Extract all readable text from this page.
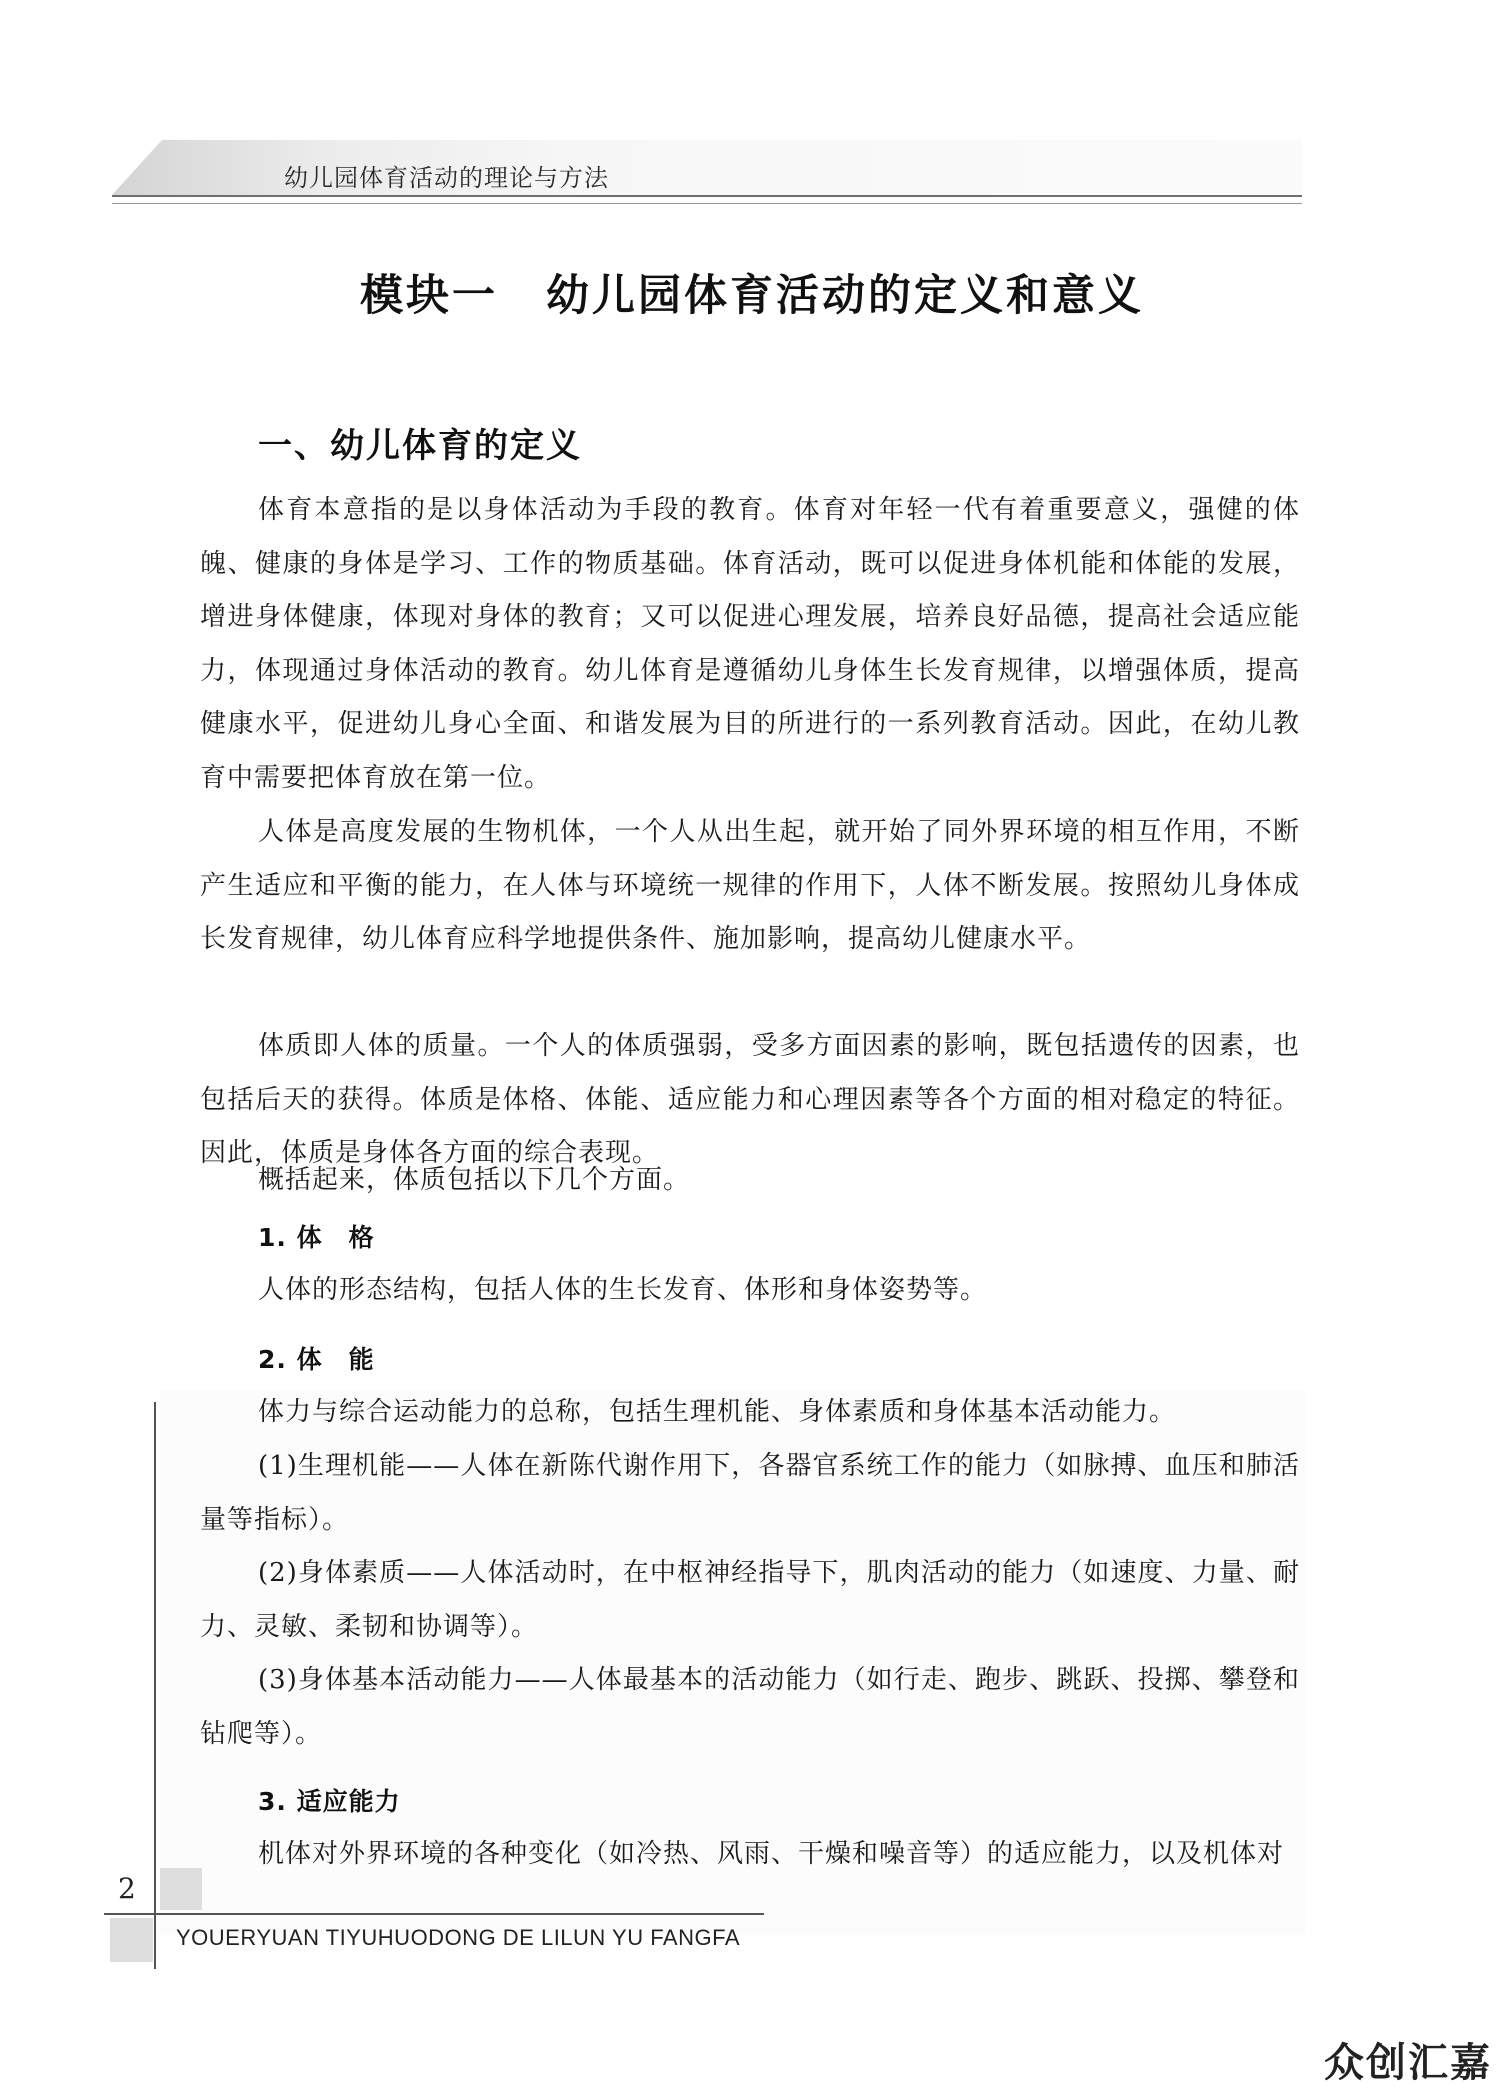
幼儿园体育活动的理论与方法
模块一 幼儿园体育活动的定义和意义
一、幼儿体育的定义

体育本意指的是以身体活动为手段的教育。体育对年轻一代有着重要意义，强健的体魄、健康的身体是学习、工作的物质基础。体育活动，既可以促进身体机能和体能的发展，增进身体健康，体现对身体的教育；又可以促进心理发展，培养良好品德，提高社会适应能力，体现通过身体活动的教育。幼儿体育是遵循幼儿身体生长发育规律，以增强体质，提高健康水平，促进幼儿身心全面、和谐发展为目的所进行的一系列教育活动。因此，在幼儿教育中需要把体育放在第一位。

人体是高度发展的生物机体，一个人从出生起，就开始了同外界环境的相互作用，不断产生适应和平衡的能力，在人体与环境统一规律的作用下，人体不断发展。按照幼儿身体成长发育规律，幼儿体育应科学地提供条件、施加影响，提高幼儿健康水平。

体质即人体的质量。一个人的体质强弱，受多方面因素的影响，既包括遗传的因素，也包括后天的获得。体质是体格、体能、适应能力和心理因素等各个方面的相对稳定的特征。因此，体质是身体各方面的综合表现。

概括起来，体质包括以下几个方面。

1. 体　格

人体的形态结构，包括人体的生长发育、体形和身体姿势等。

2. 体　能

体力与综合运动能力的总称，包括生理机能、身体素质和身体基本活动能力。

(1)生理机能——人体在新陈代谢作用下，各器官系统工作的能力（如脉搏、血压和肺活量等指标）。

(2)身体素质——人体活动时，在中枢神经指导下，肌肉活动的能力（如速度、力量、耐力、灵敏、柔韧和协调等）。

(3)身体基本活动能力——人体最基本的活动能力（如行走、跑步、跳跃、投掷、攀登和钻爬等）。

3. 适应能力

机体对外界环境的各种变化（如冷热、风雨、干燥和噪音等）的适应能力，以及机体对

2
YOUERYUAN TIYUHUODONG DE LILUN YU FANGFA
众创汇嘉
